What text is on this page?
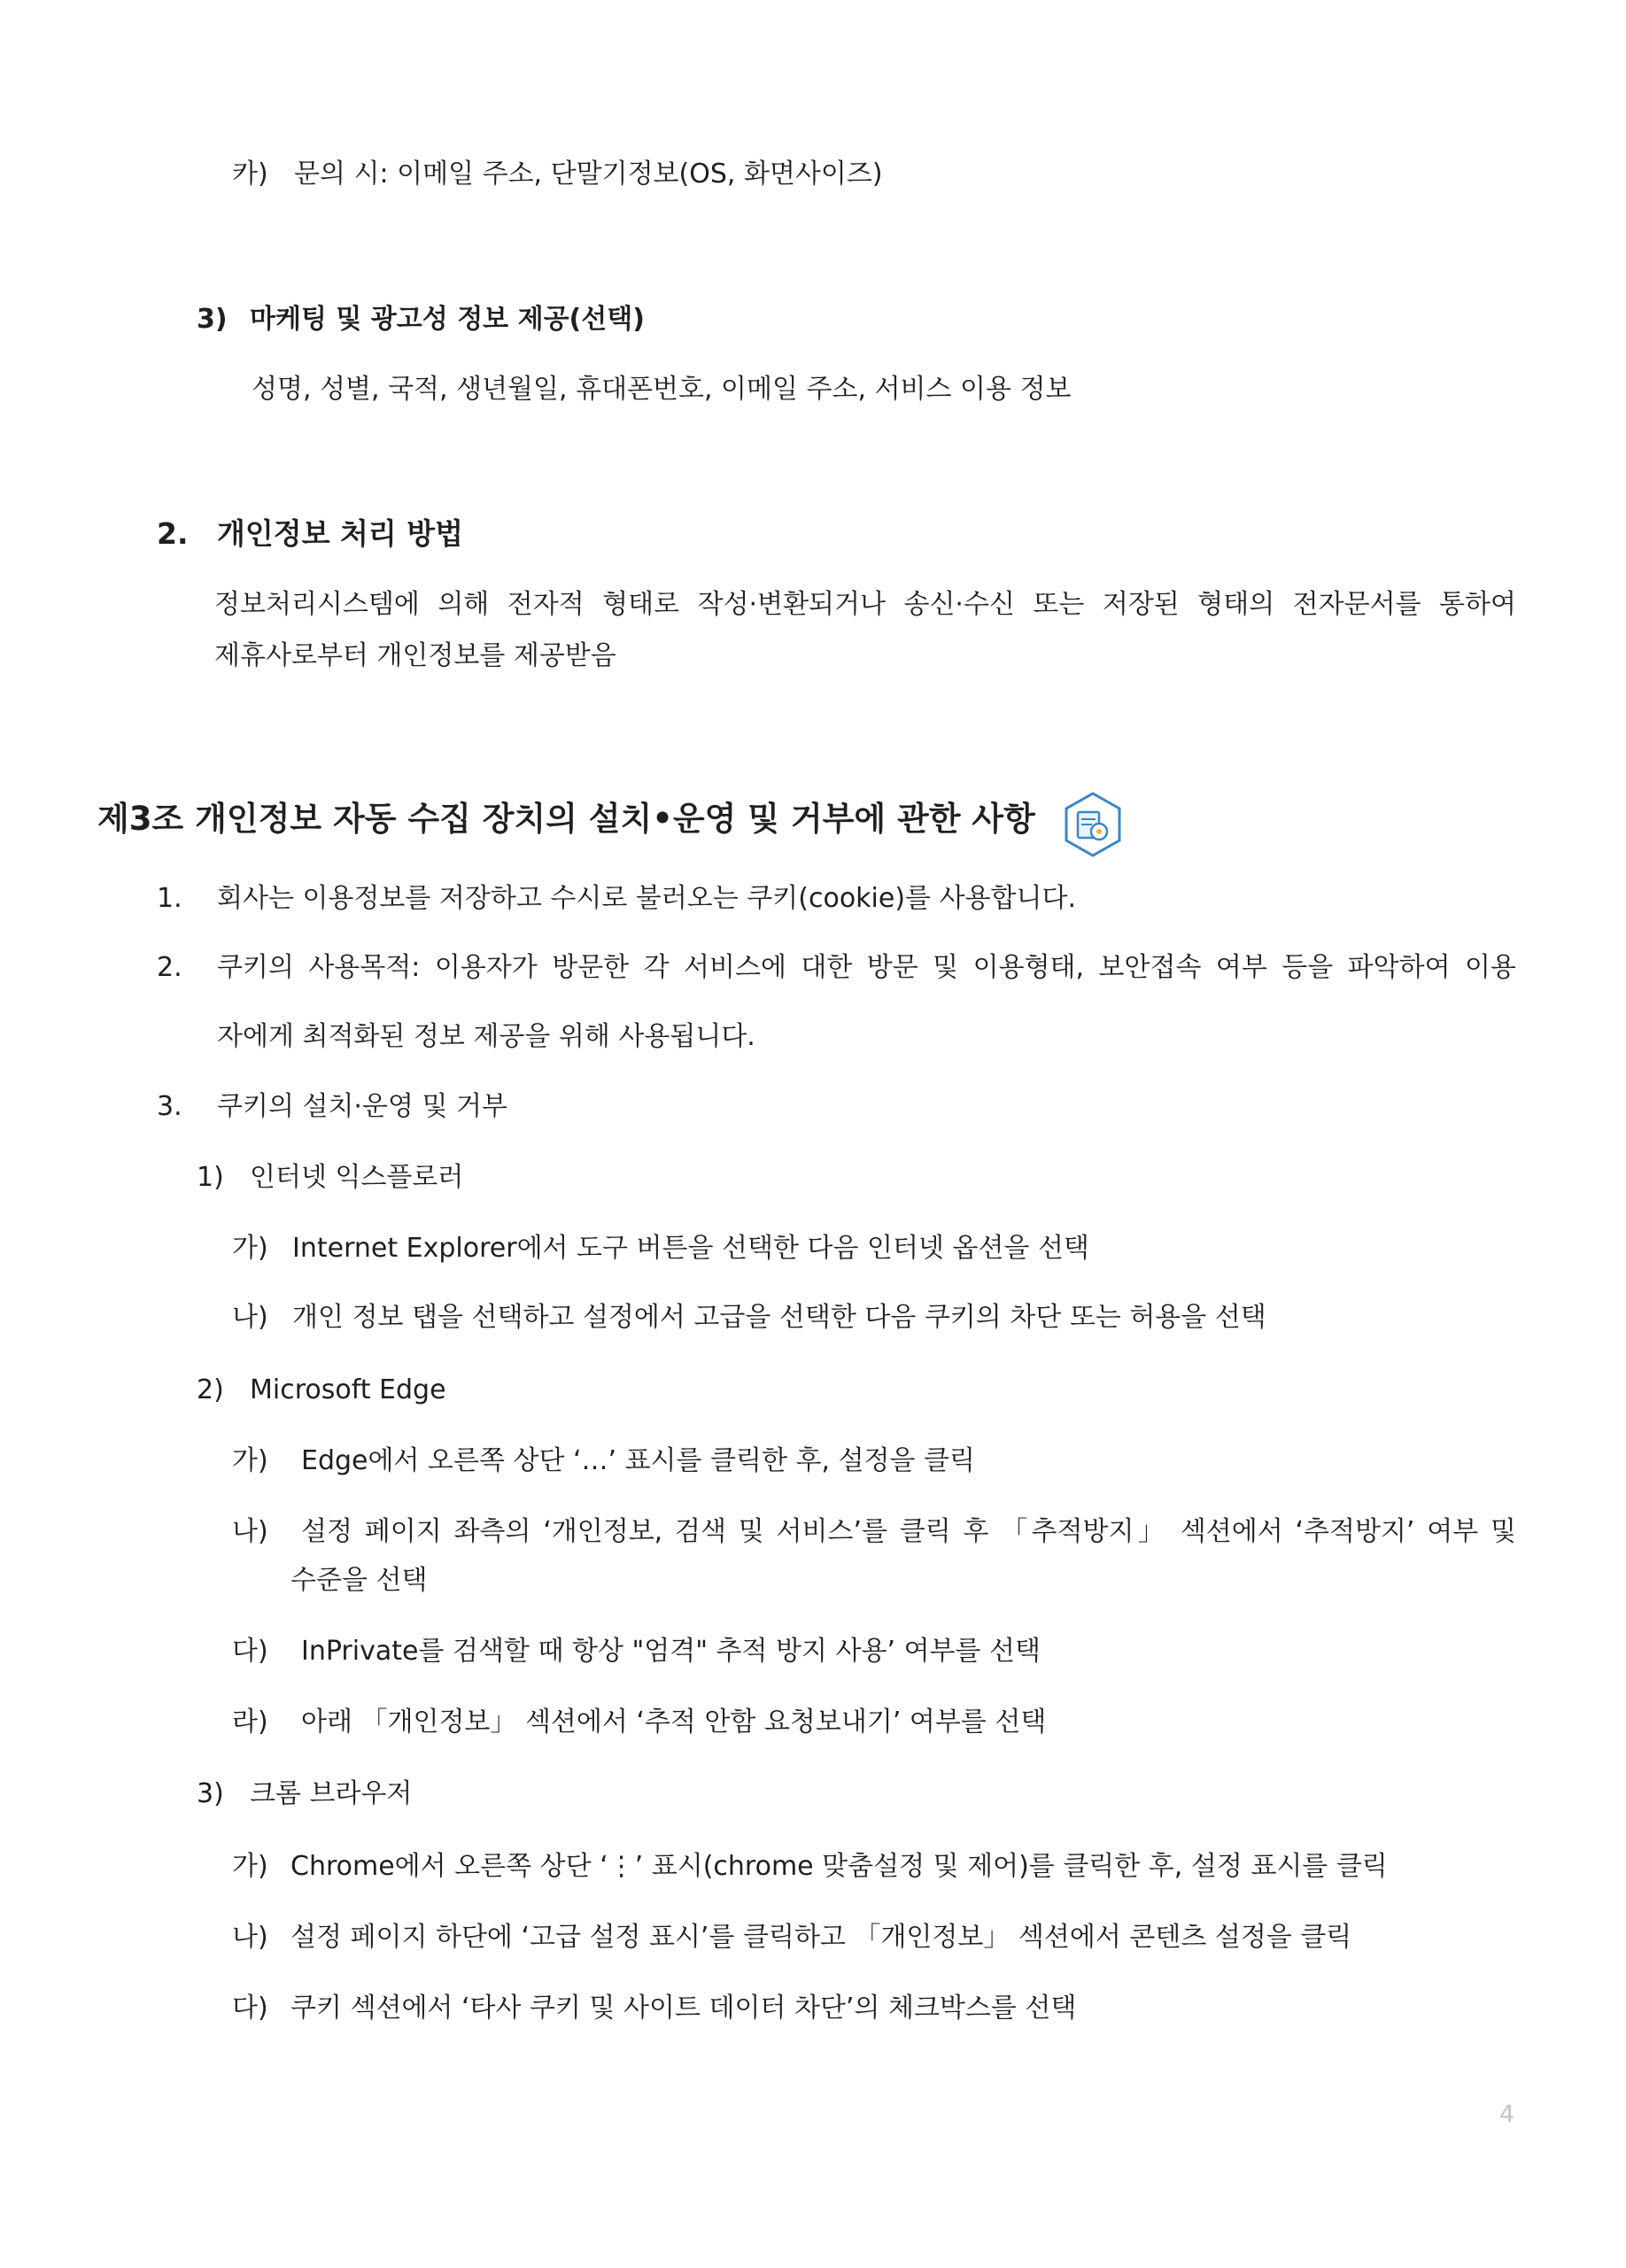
카) 문의 시: 이메일 주소, 단말기정보(OS, 화면사이즈)
3) 마케팅 및 광고성 정보 제공(선택)
성명, 성별, 국적, 생년월일, 휴대폰번호, 이메일 주소, 서비스 이용 정보
2. 개인정보 처리 방법
정보처리시스템에 의해 전자적 형태로 작성·변환되거나 송신·수신 또는 저장된 형태의 전자문서를 통하여
제휴사로부터 개인정보를 제공받음
제3조 개인정보 자동 수집 장치의 설치•운영 및 거부에 관한 사항
1. 회사는 이용정보를 저장하고 수시로 불러오는 쿠키(cookie)를 사용합니다.
2. 쿠키의 사용목적: 이용자가 방문한 각 서비스에 대한 방문 및 이용형태, 보안접속 여부 등을 파악하여 이용
자에게 최적화된 정보 제공을 위해 사용됩니다.
3. 쿠키의 설치·운영 및 거부
1) 인터넷 익스플로러
가) Internet Explorer에서 도구 버튼을 선택한 다음 인터넷 옵션을 선택
나) 개인 정보 탭을 선택하고 설정에서 고급을 선택한 다음 쿠키의 차단 또는 허용을 선택
2) Microsoft Edge
가) Edge에서 오른쪽 상단 ‘…’ 표시를 클릭한 후, 설정을 클릭
나) 설정 페이지 좌측의 ‘개인정보, 검색 및 서비스’를 클릭 후 「추적방지」 섹션에서 ‘추적방지’ 여부 및
수준을 선택
다) InPrivate를 검색할 때 항상 "엄격" 추적 방지 사용’ 여부를 선택
라) 아래 「개인정보」 섹션에서 ‘추적 안함 요청보내기’ 여부를 선택
3) 크롬 브라우저
가) Chrome에서 오른쪽 상단 ‘⋮’ 표시(chrome 맞춤설정 및 제어)를 클릭한 후, 설정 표시를 클릭
나) 설정 페이지 하단에 ‘고급 설정 표시’를 클릭하고 「개인정보」 섹션에서 콘텐츠 설정을 클릭
다) 쿠키 섹션에서 ‘타사 쿠키 및 사이트 데이터 차단’의 체크박스를 선택
4
